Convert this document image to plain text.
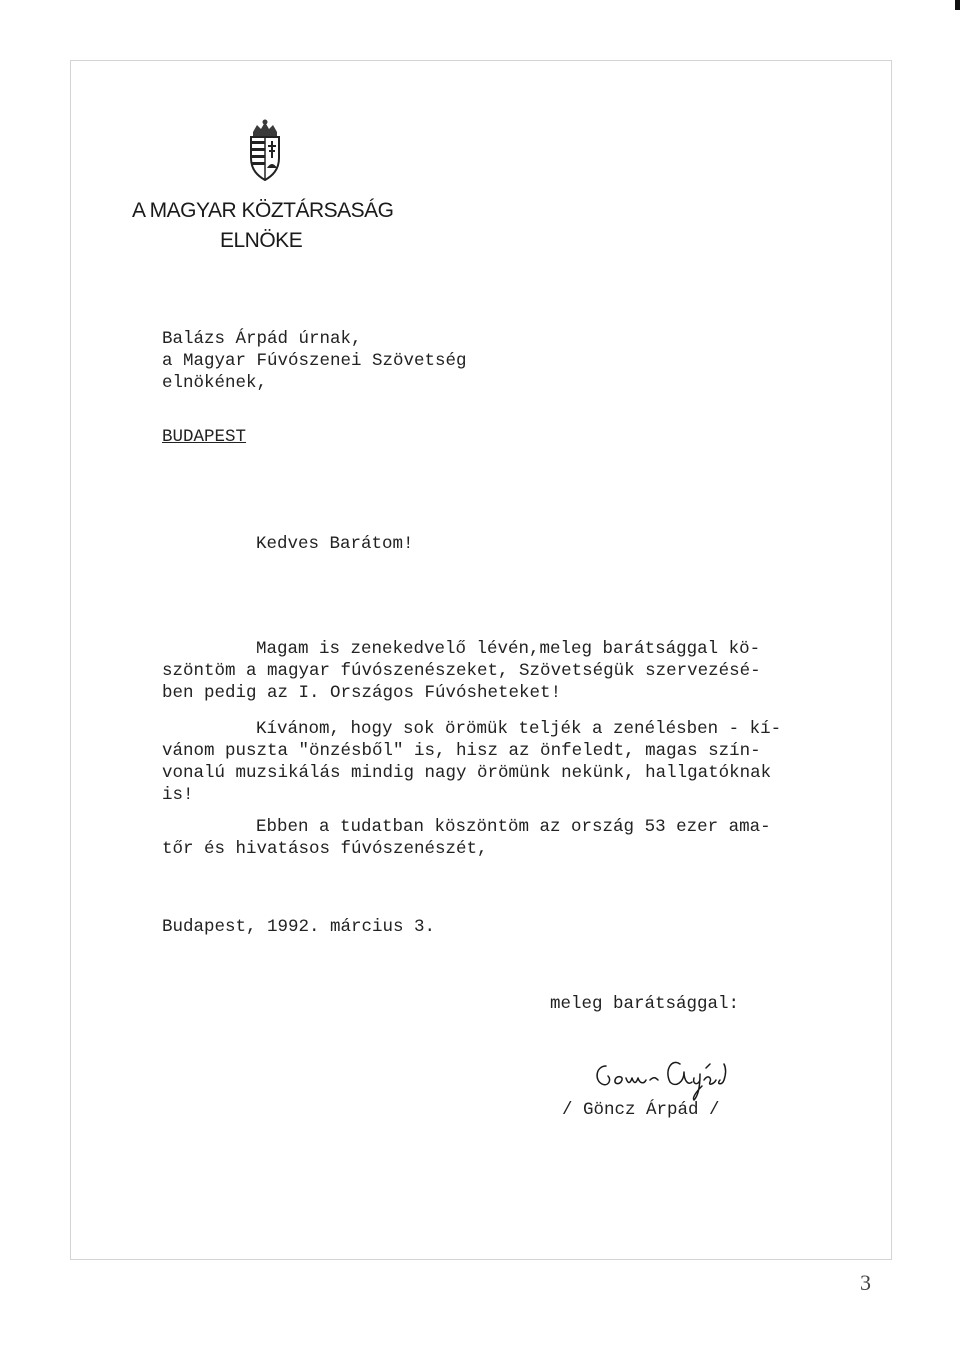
A MAGYAR KÖZTÁRSASÁG
ELNÖKE
Balázs Árpád úrnak,
a Magyar Fúvószenei Szövetség
elnökének,
BUDAPEST
Kedves Barátom!
Magam is zenekedvelő lévén,meleg barátsággal kö-
szöntöm a magyar fúvószenészeket, Szövetségük szervezésé-
ben pedig az I. Országos Fúvósheteket!
Kívánom, hogy sok örömük teljék a zenélésben - kí-
vánom puszta "önzésből" is, hisz az önfeledt, magas szín-
vonalú muzsikálás mindig nagy örömünk nekünk, hallgatóknak
is!
Ebben a tudatban köszöntöm az ország 53 ezer ama-
tőr és hivatásos fúvószenészét,
Budapest, 1992. március 3.
meleg barátsággal:
/ Göncz Árpád /
3
